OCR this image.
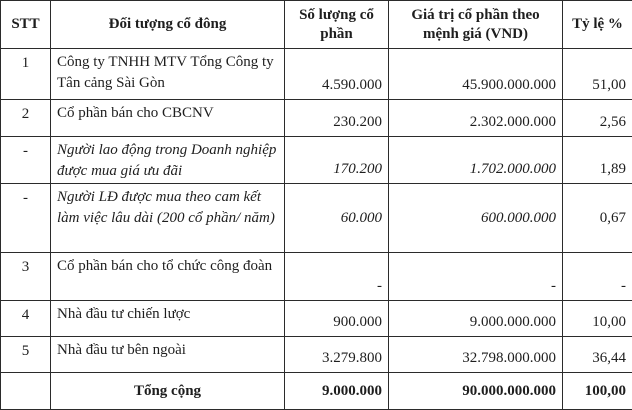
STT	Đối tượng cổ đông	Số lượng cổ phần	Giá trị cổ phần theo mệnh giá (VND)	Tỷ lệ %
1	Công ty TNHH MTV Tổng Công ty Tân cảng Sài Gòn	4.590.000	45.900.000.000	51,00
2	Cổ phần bán cho CBCNV	230.200	2.302.000.000	2,56
-	Người lao động trong Doanh nghiệp được mua giá ưu đãi	170.200	1.702.000.000	1,89
-	Người LĐ được mua theo cam kết làm việc lâu dài (200 cổ phần/ năm)	60.000	600.000.000	0,67
3	Cổ phần bán cho tổ chức công đoàn	-	-	-
4	Nhà đầu tư chiến lược	900.000	9.000.000.000	10,00
5	Nhà đầu tư bên ngoài	3.279.800	32.798.000.000	36,44
	Tổng cộng	9.000.000	90.000.000.000	100,00
